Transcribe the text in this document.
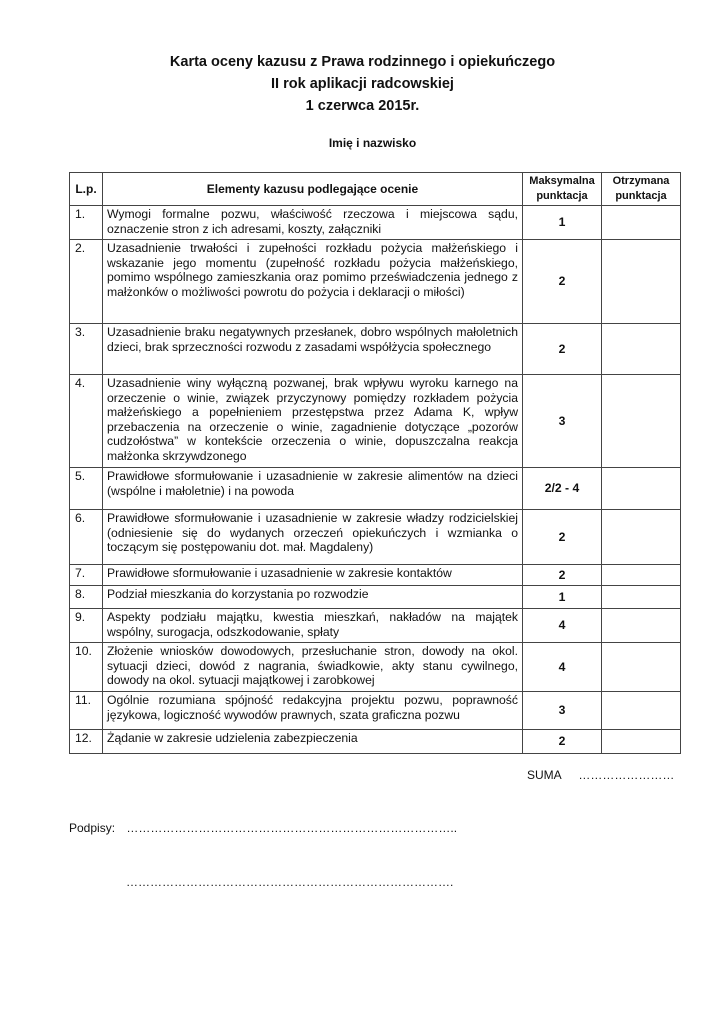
Karta oceny kazusu z Prawa rodzinnego i opiekuńczego
II rok aplikacji radcowskiej
1 czerwca 2015r.
Imię i nazwisko
L.p.	Elementy kazusu podlegające ocenie	Maksymalna punktacja	Otrzymana punktacja
1.	Wymogi formalne pozwu, właściwość rzeczowa i miejscowa sądu, oznaczenie stron z ich adresami, koszty, załączniki	1	
2.	Uzasadnienie trwałości i zupełności rozkładu pożycia małżeńskiego i wskazanie jego momentu (zupełność rozkładu pożycia małżeńskiego, pomimo wspólnego zamieszkania oraz pomimo przeświadczenia jednego z małżonków o możliwości powrotu do pożycia i deklaracji o miłości)	2	
3.	Uzasadnienie braku negatywnych przesłanek, dobro wspólnych małoletnich dzieci, brak sprzeczności rozwodu z zasadami współżycia społecznego	2	
4.	Uzasadnienie winy wyłączną pozwanej, brak wpływu wyroku karnego na orzeczenie o winie, związek przyczynowy pomiędzy rozkładem pożycia małżeńskiego a popełnieniem przestępstwa przez Adama K, wpływ przebaczenia na orzeczenie o winie, zagadnienie dotyczące „pozorów cudzołóstwa” w kontekście orzeczenia o winie, dopuszczalna reakcja małżonka skrzywdzonego	3	
5.	Prawidłowe sformułowanie i uzasadnienie w zakresie alimentów na dzieci (wspólne i małoletnie) i na powoda	2/2 - 4	
6.	Prawidłowe sformułowanie i uzasadnienie w zakresie władzy rodzicielskiej (odniesienie się do wydanych orzeczeń opiekuńczych i wzmianka o toczącym się postępowaniu dot. mał. Magdaleny)	2	
7.	Prawidłowe sformułowanie i uzasadnienie w zakresie kontaktów	2	
8.	Podział mieszkania do korzystania po rozwodzie	1	
9.	Aspekty podziału majątku, kwestia mieszkań, nakładów na majątek wspólny, surogacja, odszkodowanie, spłaty	4	
10.	Złożenie wniosków dowodowych, przesłuchanie stron, dowody na okol. sytuacji dzieci, dowód z nagrania, świadkowie, akty stanu cywilnego, dowody na okol. sytuacji majątkowej i zarobkowej	4	
11.	Ogólnie rozumiana spójność redakcyjna projektu pozwu, poprawność językowa, logiczność wywodów prawnych, szata graficzna pozwu	3	
12.	Żądanie w zakresie udzielenia zabezpieczenia	2	
SUMA ……………………
Podpisy: ………………………………………………………………………..
……………………………………………………………………….
